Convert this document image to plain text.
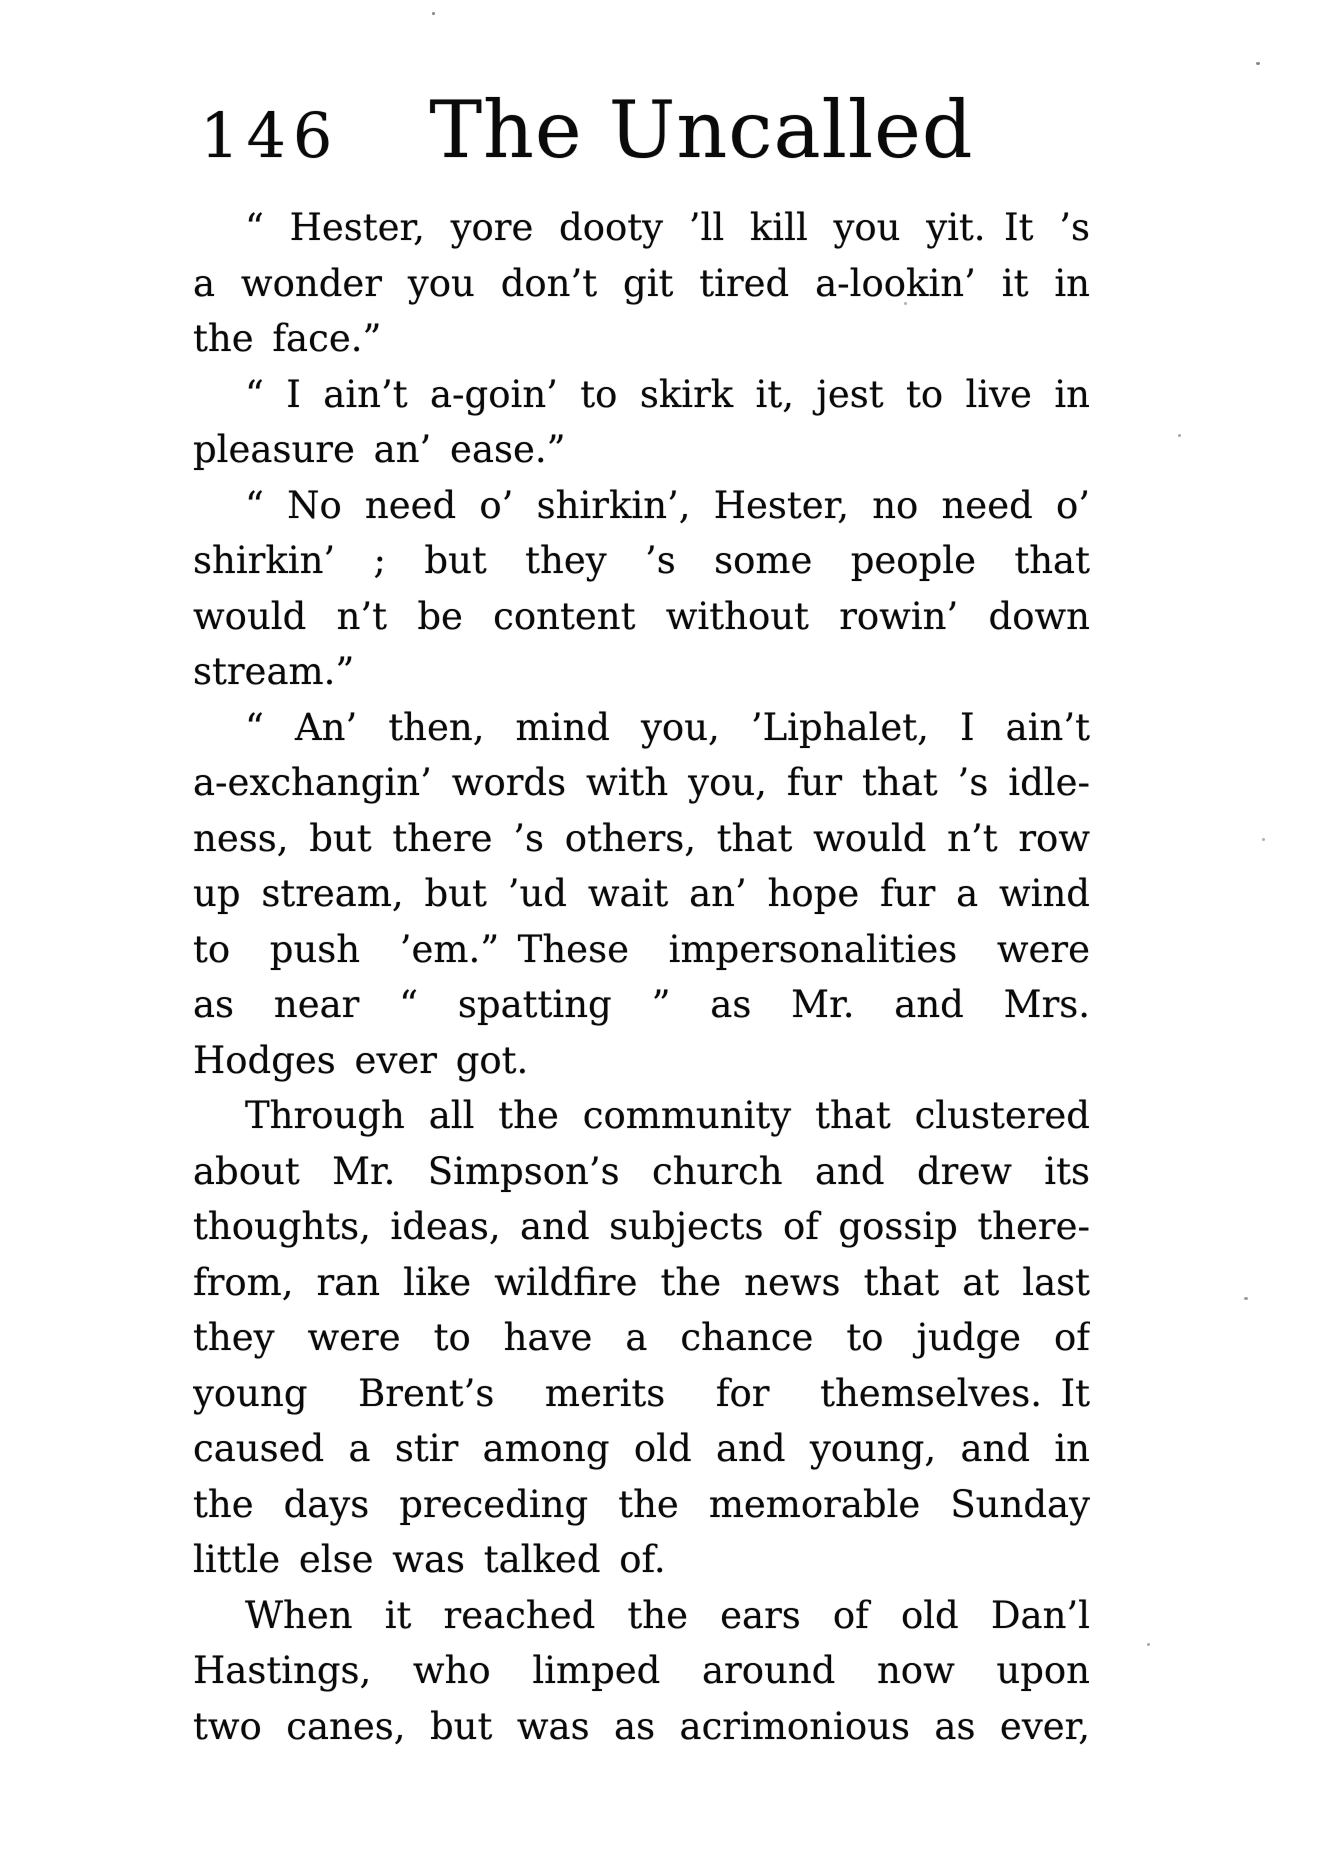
146 The Uncalled
“ Hester, yore dooty ’ll kill you yit. It ’s
a wonder you don’t git tired a-lookin’ it in
the face.”
“ I ain’t a-goin’ to skirk it, jest to live in
pleasure an’ ease.”
“ No need o’ shirkin’, Hester, no need o’
shirkin’ ; but they ’s some people that
would n’t be content without rowin’ down
stream.”
“ An’ then, mind you, ’Liphalet, I ain’t
a-exchangin’ words with you, fur that ’s idle-
ness, but there ’s others, that would n’t row
up stream, but ’ud wait an’ hope fur a wind
to push ’em.” These impersonalities were
as near “ spatting ” as Mr. and Mrs.
Hodges ever got.
Through all the community that clustered
about Mr. Simpson’s church and drew its
thoughts, ideas, and subjects of gossip there-
from, ran like wildfire the news that at last
they were to have a chance to judge of
young Brent’s merits for themselves. It
caused a stir among old and young, and in
the days preceding the memorable Sunday
little else was talked of.
When it reached the ears of old Dan’l
Hastings, who limped around now upon
two canes, but was as acrimonious as ever,
